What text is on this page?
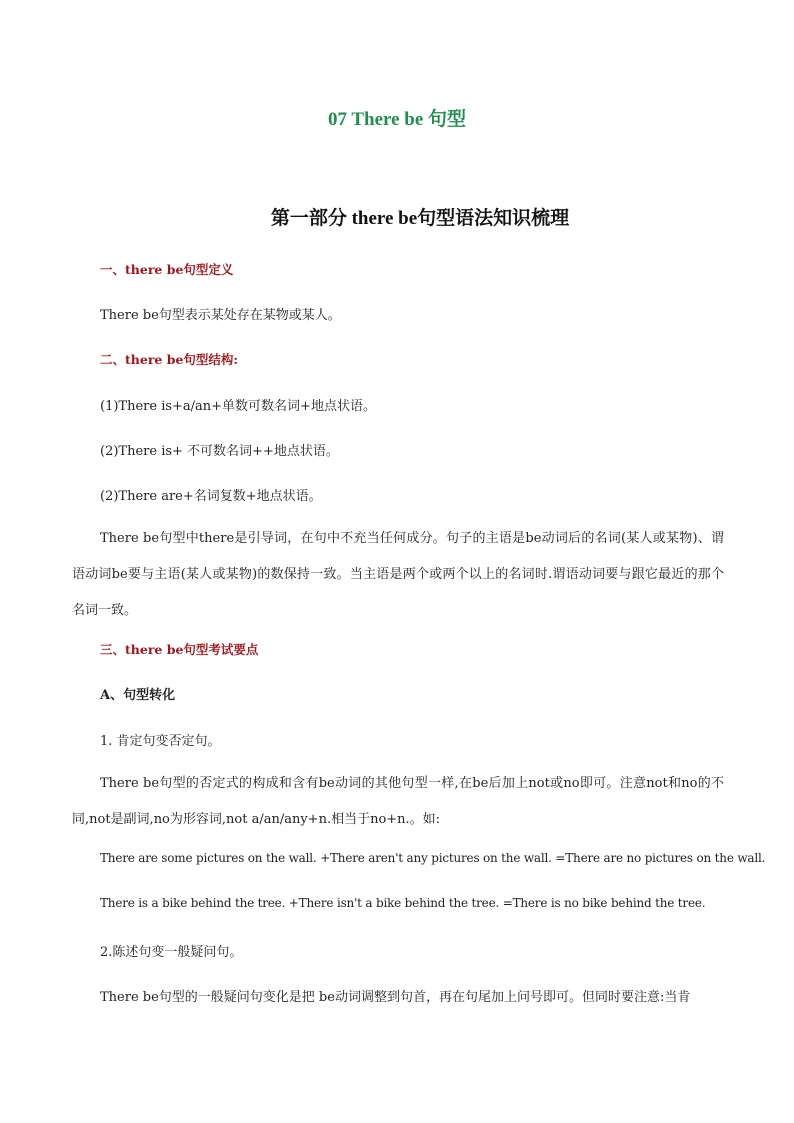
07 There be 句型
第一部分 there be句型语法知识梳理

一、there be句型定义

There be句型表示某处存在某物或某人。

二、there be句型结构:

(1)There is+a/an+单数可数名词+地点状语。

(2)There is+ 不可数名词++地点状语。

(2)There are+名词复数+地点状语。

There be句型中there是引导词，在句中不充当任何成分。句子的主语是be动词后的名词(某人或某物)、谓语动词be要与主语(某人或某物)的数保持一致。当主语是两个或两个以上的名词时.谓语动词要与跟它最近的那个名词一致。

三、there be句型考试要点

A、句型转化

1. 肯定句变否定句。

There be句型的否定式的构成和含有be动词的其他句型一样,在be后加上not或no即可。注意not和no的不同,not是副词,no为形容词,not a/an/any+n.相当于no+n.。如:

There are some pictures on the wall. +There aren't any pictures on the wall. =There are no pictures on the wall.

There is a bike behind the tree. +There isn't a bike behind the tree. =There is no bike behind the tree.

2.陈述句变一般疑问句。

There be句型的一般疑问句变化是把 be动词调整到句首，再在句尾加上问号即可。但同时要注意:当肯
